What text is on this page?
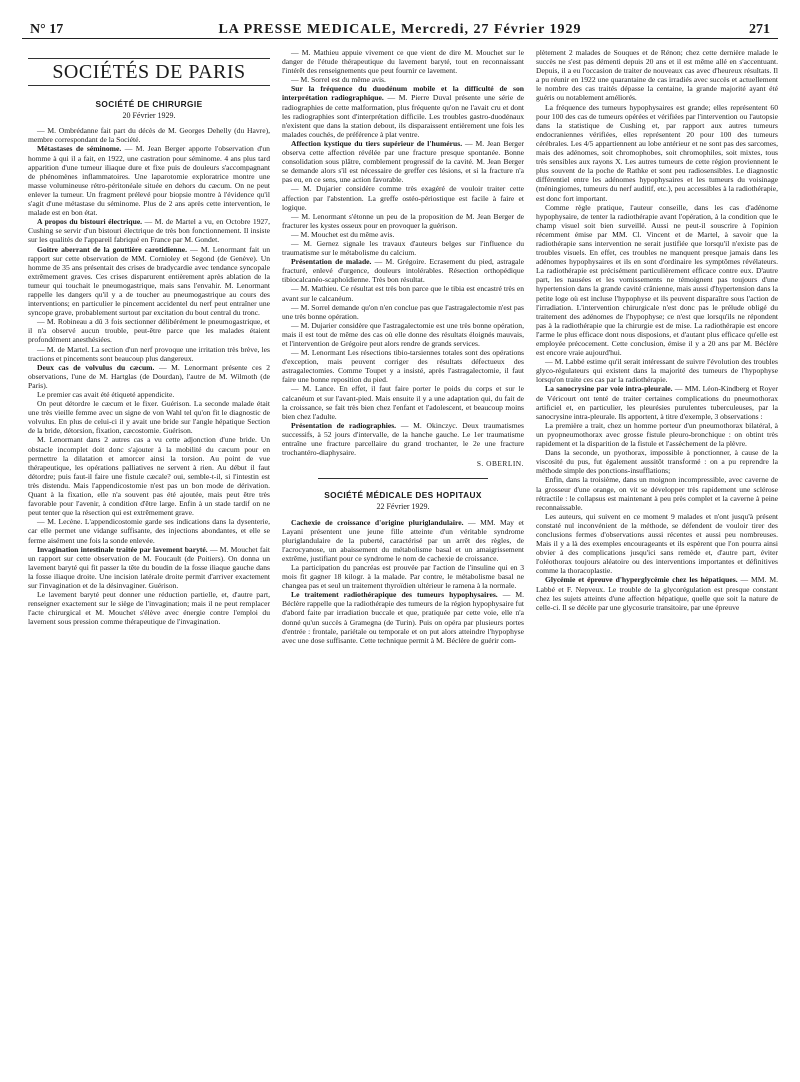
N° 17	LA PRESSE MEDICALE, Mercredi, 27 Février 1929	271
SOCIÉTÉS DE PARIS
SOCIÉTÉ DE CHIRURGIE
20 Février 1929.

— M. Ombrédanne fait part du décès de M. Georges Dehelly (du Havre), membre correspondant de la Société.

Métastases de séminome. — M. Jean Berger apporte l'observation d'un homme à qui il a fait, en 1922, une castration pour séminome. 4 ans plus tard apparition d'une tumeur iliaque dure et fixe puis de douleurs s'accompagnant de phénomènes inflammatoires. Une laparotomie exploratrice montre une masse volumineuse rétro-péritonéale située en dehors du cæcum. On ne peut enlever la tumeur. Un fragment prélevé pour biopsie montre à l'évidence qu'il s'agit d'une métastase du séminome. Plus de 2 ans après cette intervention, le malade est en bon état.

A propos du bistouri électrique. — M. de Martel a vu, en Octobre 1927, Cushing se servir d'un bistouri électrique de très bon fonctionnement. Il insiste sur les qualités de l'appareil fabriqué en France par M. Gondet.

Goitre aberrant de la gouttière carotidienne. — M. Lenormant fait un rapport sur cette observation de MM. Cornioley et Segond (de Genève). Un homme de 35 ans présentait des crises de bradycardie avec tendance syncopale extrêmement graves. Ces crises disparurent entièrement après ablation de la tumeur qui touchait le pneumogastrique, mais sans l'envahir. M. Lenormant rappelle les dangers qu'il y a de toucher au pneumogastrique au cours des interventions; en particulier le pincement accidentel du nerf peut entraîner une syncope grave, probablement surtout par excitation du bout central du tronc.

— M. Robineau a dû 3 fois sectionner délibérément le pneumogastrique, et il n'a observé aucun trouble, peut-être parce que les malades étaient profondément anesthésiées.

— M. de Martel. La section d'un nerf provoque une irritation très brève, les tractions et pincements sont beaucoup plus dangereux.

Deux cas de volvulus du cæcum. — M. Lenormant présente ces 2 observations, l'une de M. Hartglas (de Dourdan), l'autre de M. Wilmoth (de Paris).

Le premier cas avait été étiqueté appendicite.

On peut détordre le cæcum et le fixer. Guérison. La seconde malade était une très vieille femme avec un signe de von Wahl tel qu'on fit le diagnostic de volvulus. En plus de celui-ci il y avait une bride sur l'angle hépatique Section de la bride, détorsion, fixation, cæcostomie. Guérison.

M. Lenormant dans 2 autres cas a vu cette adjonction d'une bride. Un obstacle incomplet doit donc s'ajouter à la mobilité du cæcum pour en permettre la dilatation et amorcer ainsi la torsion. Au point de vue thérapeutique, les opérations palliatives ne servent à rien. Au début il faut détordre; puis faut-il faire une fistule cæcale? oui, semble-t-il, si l'intestin est très distendu. Mais l'appendicostomie n'est pas un bon mode de dérivation. Quant à la fixation, elle n'a souvent pas été ajoutée, mais peut être très favorable pour l'avenir, à condition d'être large. Enfin à un stade tardif on ne peut tenter que la résection qui est extrêmement grave.

— M. Lecène. L'appendicostomie garde ses indications dans la dysenterie, car elle permet une vidange suffisante, des injections abondantes, et elle se ferme aisément une fois la sonde enlevée.

Invagination intestinale traitée par lavement baryté. — M. Mouchet fait un rapport sur cette observation de M. Foucault (de Poitiers). On donna un lavement baryté qui fit passer la tête du boudin de la fosse iliaque gauche dans la fosse iliaque droite. Une incision latérale droite permit d'arriver exactement sur l'invagination et de la désinvaginer. Guérison.

Le lavement baryté peut donner une réduction partielle, et, d'autre part, renseigner exactement sur le siège de l'invagination; mais il ne peut remplacer l'acte chirurgical et M. Mouchet s'élève avec énergie contre l'emploi du lavement sous pression comme thérapeutique de l'invagination.

— M. Mathieu appuie vivement ce que vient de dire M. Mouchet sur le danger de l'étude thérapeutique du lavement baryté, tout en reconnaissant l'intérêt des renseignements que peut fournir ce lavement.

— M. Sorrel est du même avis.

Sur la fréquence du duodénum mobile et la difficulté de son interprétation radiographique. — M. Pierre Duval présente une série de radiographies de cette malformation, plus fréquente qu'on ne l'avait cru et dont les radiographies sont d'interprétation difficile. Les troubles gastro-duodénaux n'existent que dans la station debout, ils disparaissent entièrement une fois les malades couchés, de préférence à plat ventre.

Affection kystique du tiers supérieur de l'humérus. — M. Jean Berger observa cette affection révélée par une fracture presque spontanée. Bonne consolidation sous plâtre, comblement progressif de la cavité. M. Jean Berger se demande alors s'il est nécessaire de greffer ces lésions, et si la fracture n'a pas eu, en ce sens, une action favorable.

— M. Dujarier considère comme très exagéré de vouloir traiter cette affection par l'abstention. La greffe ostéo-périostique est facile à faire et logique.

— M. Lenormant s'étonne un peu de la proposition de M. Jean Berger de fracturer les kystes osseux pour en provoquer la guérison.

— M. Mouchet est du même avis.

— M. Gernez signale les travaux d'auteurs belges sur l'influence du traumatisme sur le métabolisme du calcium.

Présentation de malade. — M. Grégoire. Ecrasement du pied, astragale fracturé, enlevé d'urgence, douleurs intolérables. Résection orthopédique tibiocalcanéo-scaphoïdienne. Très bon résultat.

— M. Mathieu. Ce résultat est très bon parce que le tibia est encastré très en avant sur le calcanéum.

— M. Sorrel demande qu'on n'en conclue pas que l'astragalectomie n'est pas une très bonne opération.

— M. Dujarier considère que l'astragalectomie est une très bonne opération, mais il est tout de même des cas où elle donne des résultats éloignés mauvais, et l'intervention de Grégoire peut alors rendre de grands services.

— M. Lenormant Les résections tibio-tarsiennes totales sont des opérations d'exception, mais peuvent corriger des résultats défectueux des astragalectomies. Comme Toupet y a insisté, après l'astragalectomie, il faut faire une bonne reposition du pied.

— M. Lance. En effet, il faut faire porter le poids du corps et sur le calcanéum et sur l'avant-pied. Mais ensuite il y a une adaptation qui, du fait de la croissance, se fait très bien chez l'enfant et l'adolescent, et beaucoup moins bien chez l'adulte.

Présentation de radiographies. — M. Okinczyc. Deux traumatismes successifs, à 52 jours d'intervalle, de la hanche gauche. Le 1er traumatisme entraîne une fracture parcellaire du grand trochanter, le 2e une fracture trochantéro-diaphysaire.

S. OBERLIN.
SOCIÉTÉ MÉDICALE DES HOPITAUX
22 Février 1929.

Cachexie de croissance d'origine pluriglandulaire. — MM. May et Layani présentent une jeune fille atteinte d'un véritable syndrome pluriglandulaire de la puberté, caractérisé par un arrêt des règles, de l'acrocyanose, un abaissement du métabolisme basal et un amaigrissement extrême, justifiant pour ce syndrome le nom de cachexie de croissance.

La participation du pancréas est prouvée par l'action de l'insuline qui en 3 mois fit gagner 18 kilogr. à la malade. Par contre, le métabolisme basal ne changea pas et seul un traitement thyroïdien ultérieur le ramena à la normale.

Le traitement radiothérapique des tumeurs hypophysaires. — M. Béclère rappelle que la radiothérapie des tumeurs de la région hypophysaire fut d'abord faite par irradiation buccale et que, pratiquée par cette voie, elle n'a donné qu'un succès à Gramegna (de Turin). Puis on opéra par plusieurs portes d'entrée : frontale, pariétale ou temporale et on put alors atteindre l'hypophyse avec une dose suffisante. Cette technique permit à M. Béclère de guérir com-

plètement 2 malades de Souques et de Rénon; chez cette dernière malade le succès ne s'est pas démenti depuis 20 ans et il est même allé en s'accentuant. Depuis, il a eu l'occasion de traiter de nouveaux cas avec d'heureux résultats. Il a pu réunir en 1922 une quarantaine de cas irradiés avec succès et actuellement le nombre des cas traités dépasse la centaine, la grande majorité ayant été guéris ou notablement améliorés.

La fréquence des tumeurs hypophysaires est grande; elles représentent 60 pour 100 des cas de tumeurs opérées et vérifiées par l'intervention ou l'autopsie dans la statistique de Cushing et, par rapport aux autres tumeurs endocraniennes vérifiées, elles représentent 20 pour 100 des tumeurs cérébrales. Les 4/5 appartiennent au lobe antérieur et ne sont pas des sarcomes, mais des adénomes, soit chromophobes, soit chromophiles, soit mixtes, tous très sensibles aux rayons X. Les autres tumeurs de cette région proviennent le plus souvent de la poche de Rathke et sont peu radiosensibles. Le diagnostic différentiel entre les adénomes hypophysaires et les tumeurs du voisinage (méningiomes, tumeurs du nerf auditif, etc.), peu accessibles à la radiothérapie, est donc fort important.

Comme règle pratique, l'auteur conseille, dans les cas d'adénome hypophysaire, de tenter la radiothérapie avant l'opération, à la condition que le champ visuel soit bien surveillé. Aussi ne peut-il souscrire à l'opinion récemment émise par MM. Cl. Vincent et de Martel, à savoir que la radiothérapie sans intervention ne serait justifiée que lorsqu'il n'existe pas de troubles visuels. En effet, ces troubles ne manquent presque jamais dans les adénomes hypophysaires et ils en sont d'ordinaire les symptômes révélateurs. La radiothérapie est précisément particulièrement efficace contre eux. D'autre part, les nausées et les vomissements ne témoignent pas toujours d'une hypertension dans la grande cavité crânienne, mais aussi d'hypertension dans la petite loge où est incluse l'hypophyse et ils peuvent disparaître sous l'action de l'irradiation. L'intervention chirurgicale n'est donc pas le prélude obligé du traitement des adénomes de l'hypophyse; ce n'est que lorsqu'ils ne répondent pas à la radiothérapie que la chirurgie est de mise. La radiothérapie est encore l'arme le plus efficace dont nous disposions, et d'autant plus efficace qu'elle est employée précocement. Cette conclusion, émise il y a 20 ans par M. Béclère est encore vraie aujourd'hui.

— M. Labbé estime qu'il serait intéressant de suivre l'évolution des troubles glyco-régulateurs qui existent dans la majorité des tumeurs de l'hypophyse lorsqu'on traite ces cas par la radiothérapie.

La sanocrysine par voie intra-pleurale. — MM. Léon-Kindberg et Royer de Véricourt ont tenté de traiter certaines complications du pneumothorax artificiel et, en particulier, les pleurésies purulentes tuberculeuses, par la sanocrysine intra-pleurale. Ils apportent, à titre d'exemple, 3 observations :

La première a trait, chez un homme porteur d'un pneumothorax bilatéral, à un pyopneumothorax avec grosse fistule pleuro-bronchique : on obtint très rapidement et la disparition de la fistule et l'assèchement de la plèvre.

Dans la seconde, un pyothorax, impossible à ponctionner, à cause de la viscosité du pus, fut également aussitôt transformé : on a pu reprendre la méthode simple des ponctions-insufflations;

Enfin, dans la troisième, dans un moignon incompressible, avec caverne de la grosseur d'une orange, on vit se développer très rapidement une sclérose rétractile : le collapsus est maintenant à peu près complet et la caverne à peine reconnaissable.

Les auteurs, qui suivent en ce moment 9 malades et n'ont jusqu'à présent constaté nul inconvénient de la méthode, se défendent de vouloir tirer des conclusions fermes d'observations aussi récentes et aussi peu nombreuses. Mais il y a là des exemples encourageants et ils espèrent que l'on pourra ainsi obvier à des complications jusqu'ici sans remède et, d'autre part, éviter l'oléothorax toujours aléatoire ou des interventions importantes et définitives comme la thoracoplastie.

Glycémie et épreuve d'hyperglycémie chez les hépatiques. — MM. M. Labbé et F. Nepveux. Le trouble de la glycorégulation est presque constant chez les sujets atteints d'une affection hépatique, quelle que soit la nature de celle-ci. Il se décèle par une glycosurie transitoire, par une épreuve
